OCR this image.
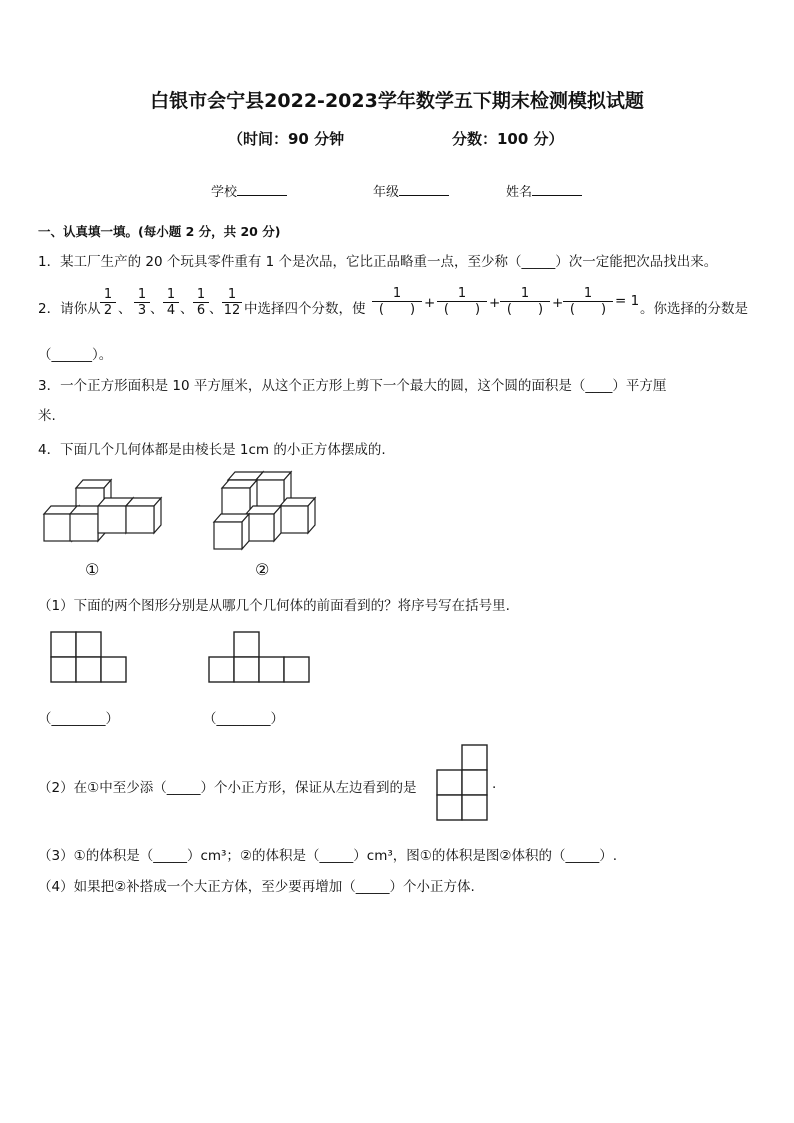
白银市会宁县2022-2023学年数学五下期末检测模拟试题
（时间：90 分钟	分数：100 分）
学校	年级	姓名
一、认真填一填。(每小题 2 分，共 20 分)
1．某工厂生产的 20 个玩具零件重有 1 个是次品，它比正品略重一点，至少称（_____）次一定能把次品找出来。
2．请你从
1
2 、
1
3 、
1
4 、
1
6 、
1
12 中选择四个分数，使
1
(　　) +
1
(　　) +
1
(　　) +
1
(　　)
= 1 。你选择的分数是
（______）。
3．一个正方形面积是 10 平方厘米，从这个正方形上剪下一个最大的圆，这个圆的面积是（____）平方厘
米.
4．下面几个几何体都是由棱长是 1cm 的小正方体摆成的.
①	②
（1）下面的两个图形分别是从哪几个几何体的前面看到的？将序号写在括号里.
（________）	（________）
（2）在①中至少添（_____）个小正方形，保证从左边看到的是	.
（3）①的体积是（_____）cm³；②的体积是（_____）cm³，图①的体积是图②体积的（_____）.
（4）如果把②补搭成一个大正方体，至少要再增加（_____）个小正方体.
